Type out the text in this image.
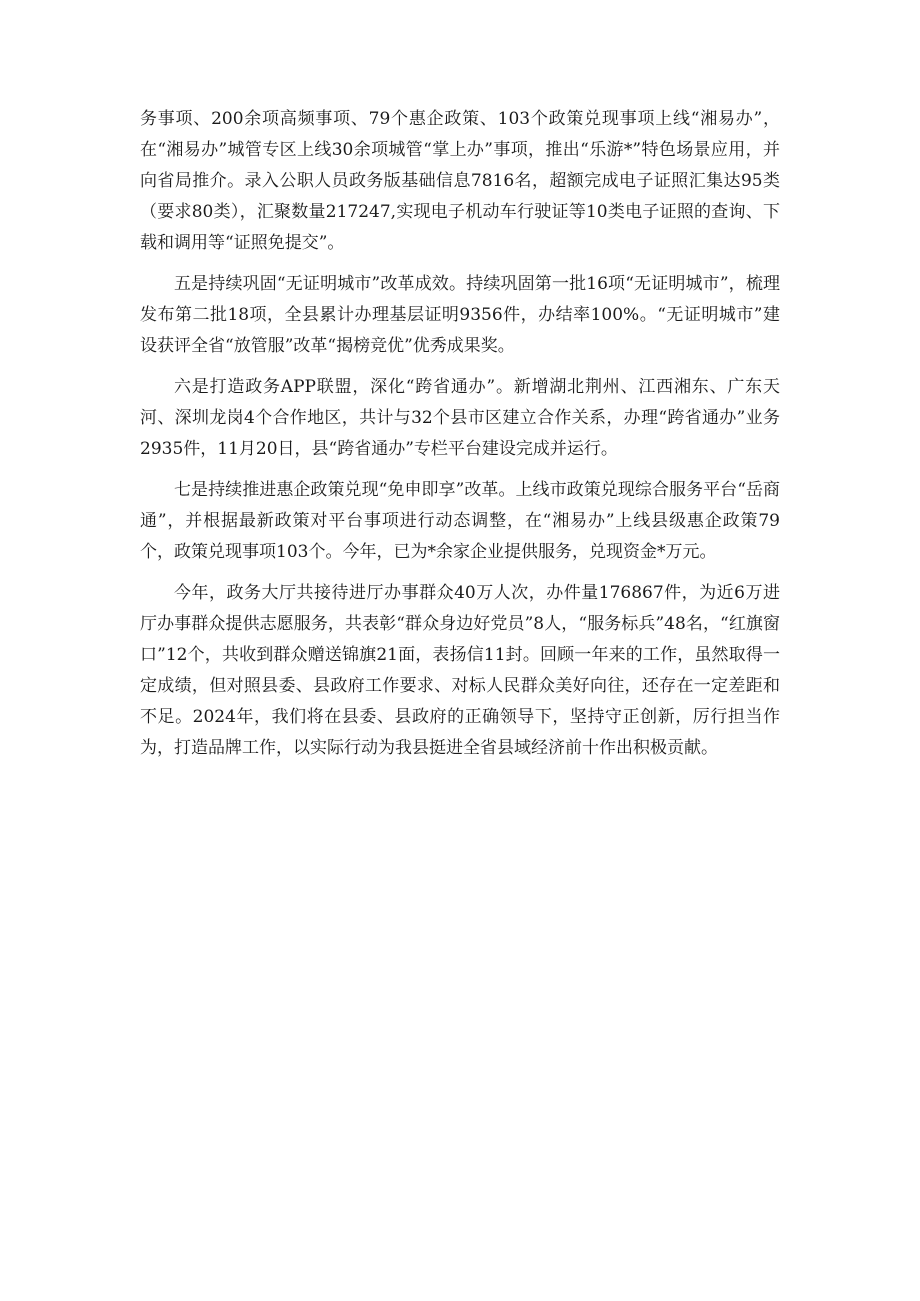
务事项、200余项高频事项、79个惠企政策、103个政策兑现事项上线“湘易办”，在“湘易办”城管专区上线30余项城管“掌上办”事项，推出“乐游*”特色场景应用，并向省局推介。录入公职人员政务版基础信息7816名，超额完成电子证照汇集达95类（要求80类），汇聚数量217247,实现电子机动车行驶证等10类电子证照的查询、下载和调用等“证照免提交”。

五是持续巩固“无证明城市”改革成效。持续巩固第一批16项“无证明城市”，梳理发布第二批18项，全县累计办理基层证明9356件，办结率100%。“无证明城市”建设获评全省“放管服”改革“揭榜竞优”优秀成果奖。

六是打造政务APP联盟，深化“跨省通办”。新增湖北荆州、江西湘东、广东天河、深圳龙岗4个合作地区，共计与32个县市区建立合作关系，办理“跨省通办”业务2935件，11月20日，县“跨省通办”专栏平台建设完成并运行。

七是持续推进惠企政策兑现“免申即享”改革。上线市政策兑现综合服务平台“岳商通”，并根据最新政策对平台事项进行动态调整，在“湘易办”上线县级惠企政策79个，政策兑现事项103个。今年，已为*余家企业提供服务，兑现资金*万元。

今年，政务大厅共接待进厅办事群众40万人次，办件量176867件，为近6万进厅办事群众提供志愿服务，共表彰“群众身边好党员”8人，“服务标兵”48名，“红旗窗口”12个，共收到群众赠送锦旗21面，表扬信11封。回顾一年来的工作，虽然取得一定成绩，但对照县委、县政府工作要求、对标人民群众美好向往，还存在一定差距和不足。2024年，我们将在县委、县政府的正确领导下，坚持守正创新，厉行担当作为，打造品牌工作，以实际行动为我县挺进全省县域经济前十作出积极贡献。
